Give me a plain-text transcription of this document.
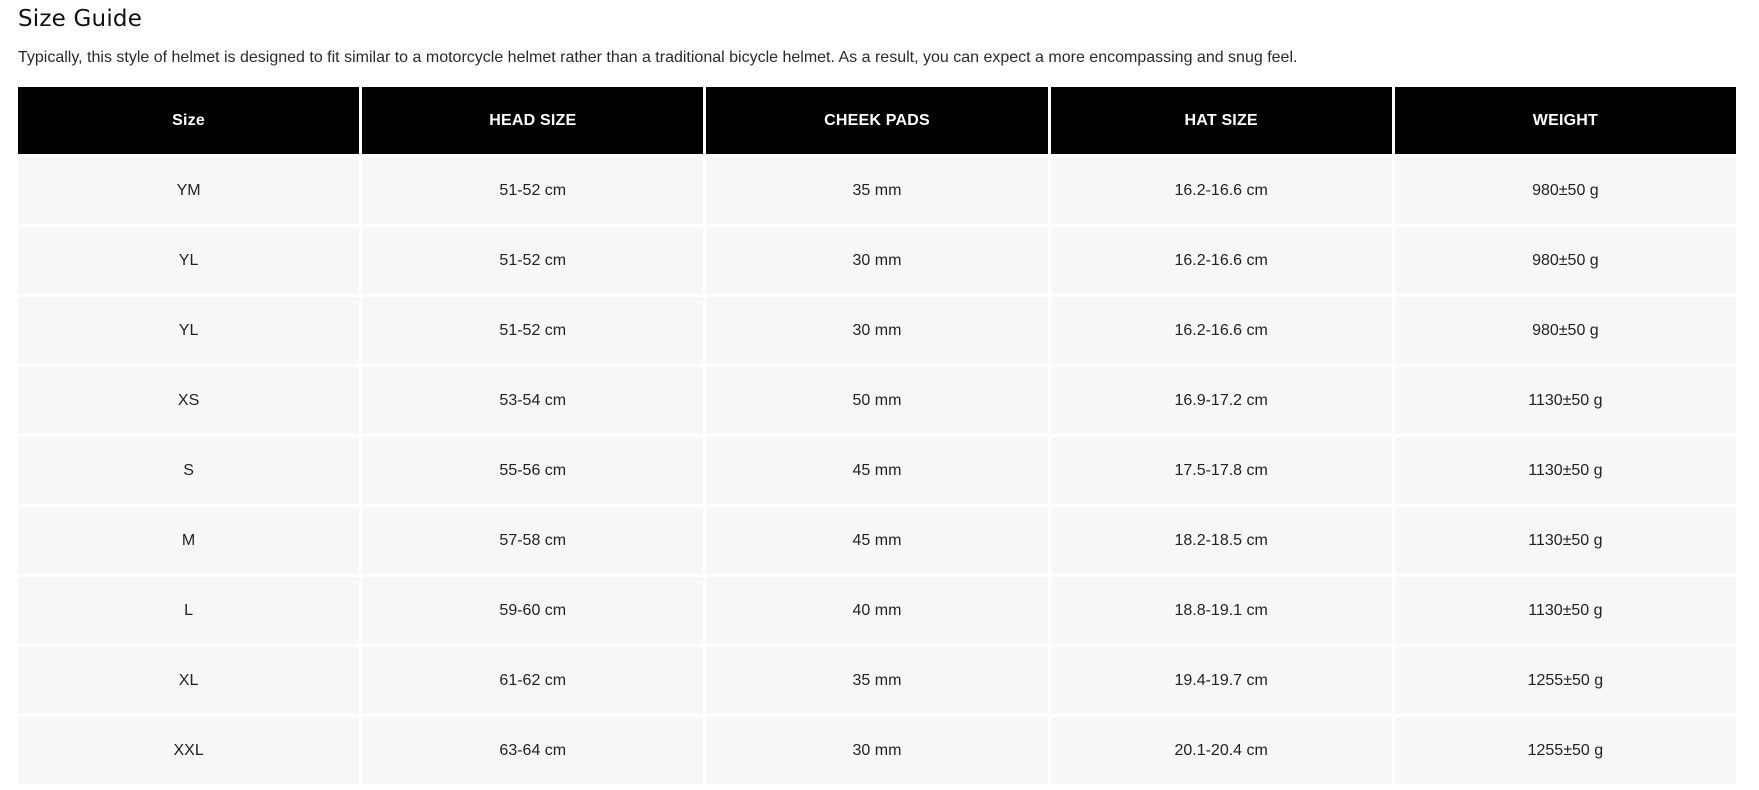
Size Guide

Typically, this style of helmet is designed to fit similar to a motorcycle helmet rather than a traditional bicycle helmet. As a result, you can expect a more encompassing and snug feel.

Size	HEAD SIZE	CHEEK PADS	HAT SIZE	WEIGHT
YM	51-52 cm	35 mm	16.2-16.6 cm	980±50 g
YL	51-52 cm	30 mm	16.2-16.6 cm	980±50 g
YL	51-52 cm	30 mm	16.2-16.6 cm	980±50 g
XS	53-54 cm	50 mm	16.9-17.2 cm	1130±50 g
S	55-56 cm	45 mm	17.5-17.8 cm	1130±50 g
M	57-58 cm	45 mm	18.2-18.5 cm	1130±50 g
L	59-60 cm	40 mm	18.8-19.1 cm	1130±50 g
XL	61-62 cm	35 mm	19.4-19.7 cm	1255±50 g
XXL	63-64 cm	30 mm	20.1-20.4 cm	1255±50 g
